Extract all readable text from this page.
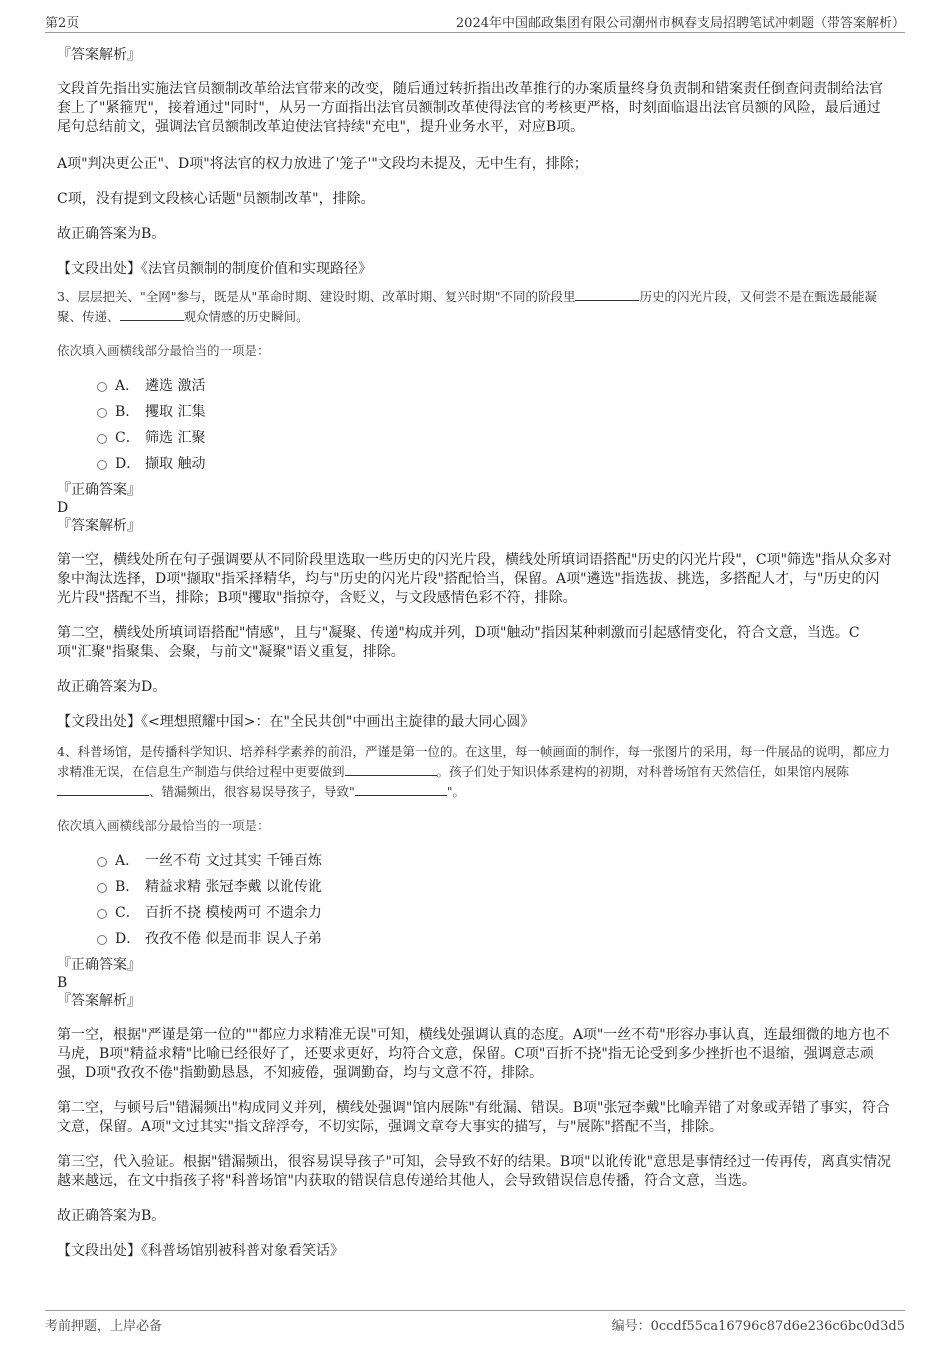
第2页	2024年中国邮政集团有限公司潮州市枫春支局招聘笔试冲刺题（带答案解析）

『答案解析』

文段首先指出实施法官员额制改革给法官带来的改变，随后通过转折指出改革推行的办案质量终身负责制和错案责任倒查问责制给法官套上了"紧箍咒"，接着通过"同时"，从另一方面指出法官员额制改革使得法官的考核更严格，时刻面临退出法官员额的风险，最后通过尾句总结前文，强调法官员额制改革迫使法官持续"充电"，提升业务水平，对应B项。

A项"判决更公正"、D项"将法官的权力放进了'笼子'"文段均未提及，无中生有，排除；

C项，没有提到文段核心话题"员额制改革"，排除。

故正确答案为B。

【文段出处】《法官员额制的制度价值和实现路径》

3、层层把关、"全网"参与，既是从"革命时期、建设时期、改革时期、复兴时期"不同的阶段里	历史的闪光片段，又何尝不是在甄选最能凝聚、传递、	观众情感的历史瞬间。

依次填入画横线部分最恰当的一项是：

A． 遴选 激活
B． 攫取 汇集
C． 筛选 汇聚
D． 撷取 触动

『正确答案』

D

『答案解析』

第一空，横线处所在句子强调要从不同阶段里选取一些历史的闪光片段，横线处所填词语搭配"历史的闪光片段"，C项"筛选"指从众多对象中淘汰选择，D项"撷取"指采择精华，均与"历史的闪光片段"搭配恰当，保留。A项"遴选"指选拔、挑选，多搭配人才，与"历史的闪光片段"搭配不当，排除；B项"攫取"指掠夺，含贬义，与文段感情色彩不符，排除。

第二空，横线处所填词语搭配"情感"，且与"凝聚、传递"构成并列，D项"触动"指因某种刺激而引起感情变化，符合文意，当选。C项"汇聚"指聚集、会聚，与前文"凝聚"语义重复，排除。

故正确答案为D。

【文段出处】《<理想照耀中国>：在"全民共创"中画出主旋律的最大同心圆》

4、科普场馆，是传播科学知识、培养科学素养的前沿，严谨是第一位的。在这里，每一帧画面的制作，每一张图片的采用，每一件展品的说明，都应力求精准无误，在信息生产制造与供给过程中更要做到	。孩子们处于知识体系建构的初期，对科普场馆有天然信任，如果馆内展陈、错漏频出，很容易误导孩子，导致"	"。

依次填入画横线部分最恰当的一项是：

A． 一丝不苟 文过其实 千锤百炼
B． 精益求精 张冠李戴 以讹传讹
C． 百折不挠 模棱两可 不遗余力
D． 孜孜不倦 似是而非 误人子弟

『正确答案』

B

『答案解析』

第一空，根据"严谨是第一位的""都应力求精准无误"可知，横线处强调认真的态度。A项"一丝不苟"形容办事认真，连最细微的地方也不马虎，B项"精益求精"比喻已经很好了，还要求更好，均符合文意，保留。C项"百折不挠"指无论受到多少挫折也不退缩，强调意志顽强，D项"孜孜不倦"指勤勤恳恳，不知疲倦，强调勤奋，均与文意不符，排除。

第二空，与顿号后"错漏频出"构成同义并列，横线处强调"馆内展陈"有纰漏、错误。B项"张冠李戴"比喻弄错了对象或弄错了事实，符合文意，保留。A项"文过其实"指文辞浮夸，不切实际，强调文章夸大事实的描写，与"展陈"搭配不当，排除。

第三空，代入验证。根据"错漏频出，很容易误导孩子"可知，会导致不好的结果。B项"以讹传讹"意思是事情经过一传再传，离真实情况越来越远，在文中指孩子将"科普场馆"内获取的错误信息传递给其他人，会导致错误信息传播，符合文意，当选。

故正确答案为B。

【文段出处】《科普场馆别被科普对象看笑话》

考前押题，上岸必备	编号：0ccdf55ca16796c87d6e236c6bc0d3d5
